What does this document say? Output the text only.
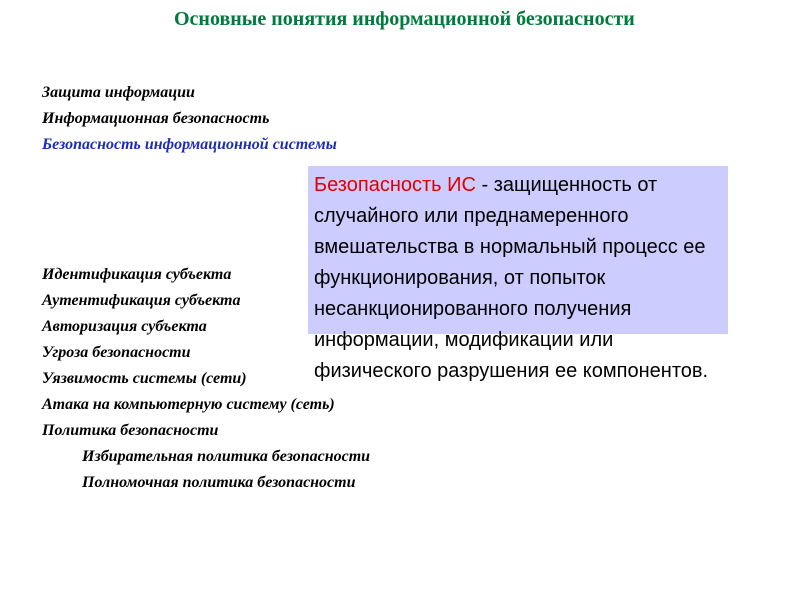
Основные понятия информационной безопасности
Защита информации
Информационная безопасность
Безопасность информационной системы
Идентификация субъекта
Аутентификация субъекта
Авторизация субъекта
Угроза безопасности
Уязвимость системы (сети)
Атака на компьютерную систему (сеть)
Политика безопасности
Избирательная политика безопасности
Полномочная политика безопасности
Безопасность ИС - защищенность от случайного или преднамеренного вмешательства в нормальный процесс ее функционирования, от попыток несанкционированного получения информации, модификации или физического разрушения ее компонентов.
